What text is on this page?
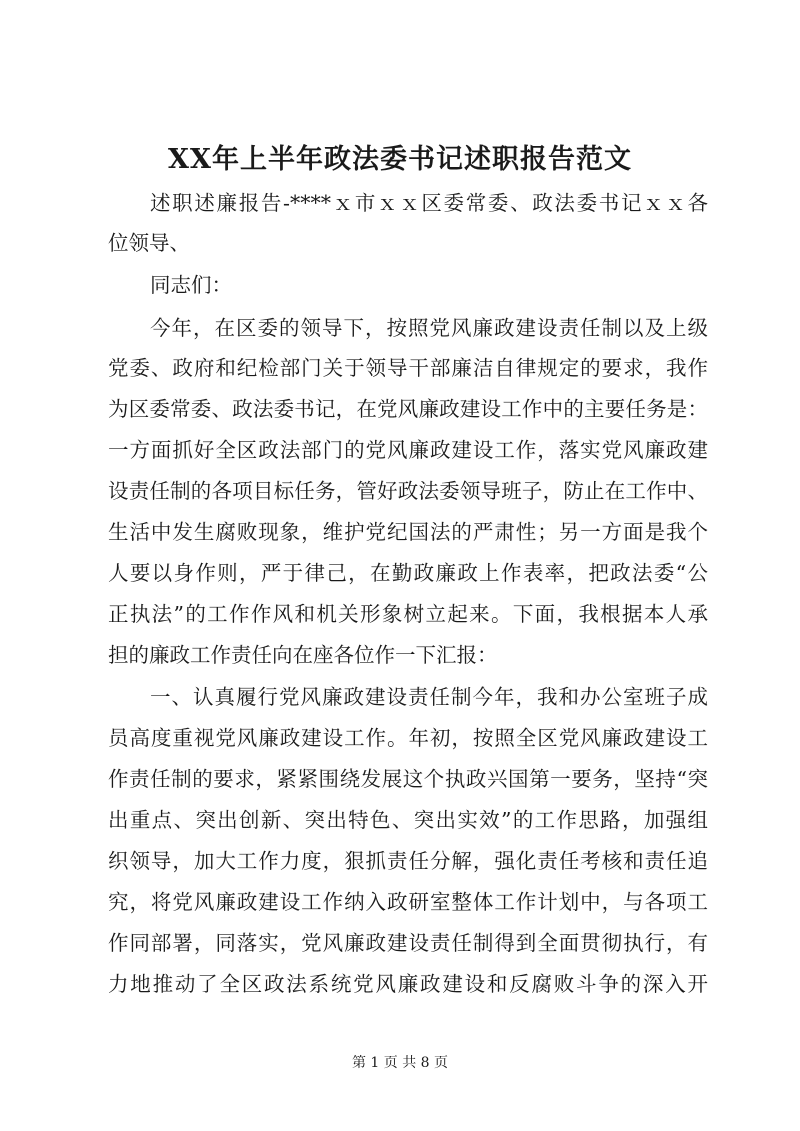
XX年上半年政法委书记述职报告范文
述职述廉报告-****ｘ市ｘｘ区委常委、政法委书记ｘｘ各
位领导、
同志们：
今年，在区委的领导下，按照党风廉政建设责任制以及上级
党委、政府和纪检部门关于领导干部廉洁自律规定的要求，我作
为区委常委、政法委书记，在党风廉政建设工作中的主要任务是：
一方面抓好全区政法部门的党风廉政建设工作，落实党风廉政建
设责任制的各项目标任务，管好政法委领导班子，防止在工作中、
生活中发生腐败现象，维护党纪国法的严肃性；另一方面是我个
人要以身作则，严于律己，在勤政廉政上作表率，把政法委“公
正执法”的工作作风和机关形象树立起来。下面，我根据本人承
担的廉政工作责任向在座各位作一下汇报：
一、认真履行党风廉政建设责任制今年，我和办公室班子成
员高度重视党风廉政建设工作。年初，按照全区党风廉政建设工
作责任制的要求，紧紧围绕发展这个执政兴国第一要务，坚持“突
出重点、突出创新、突出特色、突出实效”的工作思路，加强组
织领导，加大工作力度，狠抓责任分解，强化责任考核和责任追
究，将党风廉政建设工作纳入政研室整体工作计划中，与各项工
作同部署，同落实，党风廉政建设责任制得到全面贯彻执行，有
力地推动了全区政法系统党风廉政建设和反腐败斗争的深入开
第 1 页 共 8 页
